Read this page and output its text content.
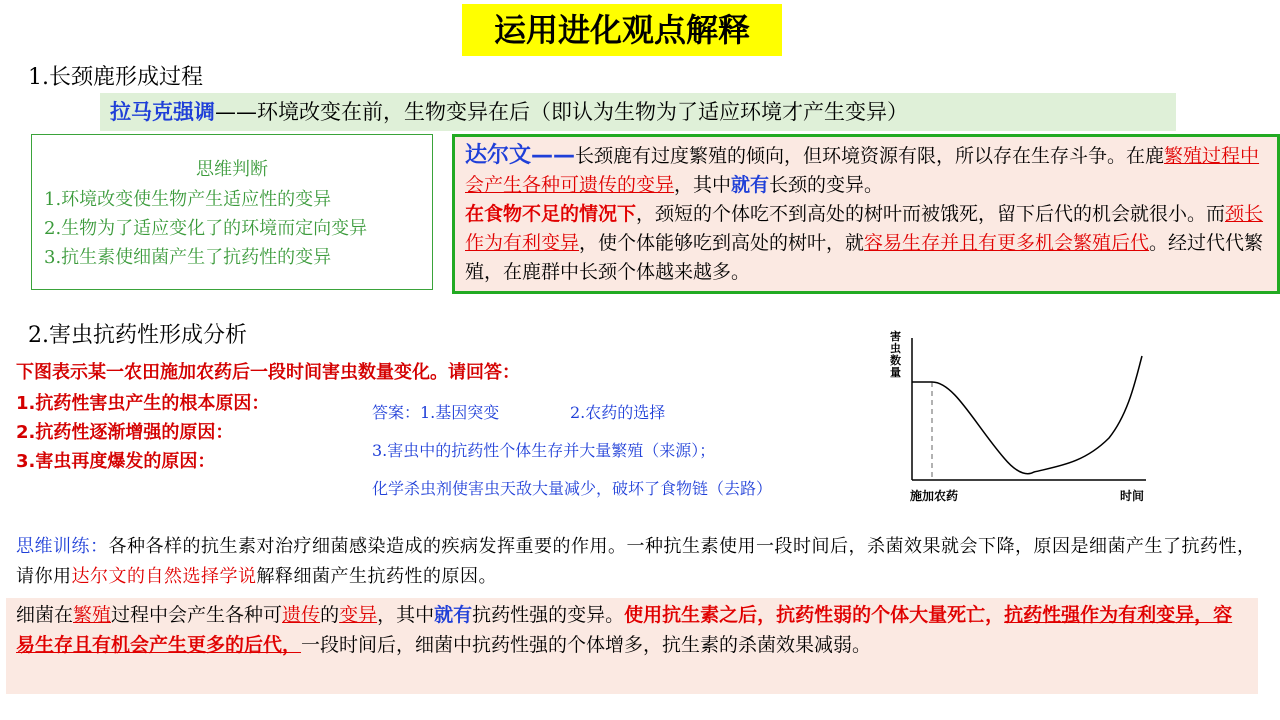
运用进化观点解释
1.长颈鹿形成过程
拉马克强调——环境改变在前，生物变异在后（即认为生物为了适应环境才产生变异）
思维判断
1.环境改变使生物产生适应性的变异
2.生物为了适应变化了的环境而定向变异
3.抗生素使细菌产生了抗药性的变异
达尔文——长颈鹿有过度繁殖的倾向，但环境资源有限，所以存在生存斗争。在鹿繁殖过程中会产生各种可遗传的变异，其中就有长颈的变异。
在食物不足的情况下，颈短的个体吃不到高处的树叶而被饿死，留下后代的机会就很小。而颈长作为有利变异，使个体能够吃到高处的树叶，就容易生存并且有更多机会繁殖后代。经过代代繁殖，在鹿群中长颈个体越来越多。
2.害虫抗药性形成分析
下图表示某一农田施加农药后一段时间害虫数量变化。请回答：
1.抗药性害虫产生的根本原因：
2.抗药性逐渐增强的原因：
3.害虫再度爆发的原因：
答案：1.基因突变	2.农药的选择
3.害虫中的抗药性个体生存并大量繁殖（来源）；
化学杀虫剂使害虫天敌大量减少，破坏了食物链（去路）
害 虫 数 量
施加农药	时间
思维训练：各种各样的抗生素对治疗细菌感染造成的疾病发挥重要的作用。一种抗生素使用一段时间后，杀菌效果就会下降，原因是细菌产生了抗药性，请你用达尔文的自然选择学说解释细菌产生抗药性的原因。
细菌在繁殖过程中会产生各种可遗传的变异，其中就有抗药性强的变异。使用抗生素之后，抗药性弱的个体大量死亡，抗药性强作为有利变异，容易生存且有机会产生更多的后代，一段时间后，细菌中抗药性强的个体增多，抗生素的杀菌效果减弱。
